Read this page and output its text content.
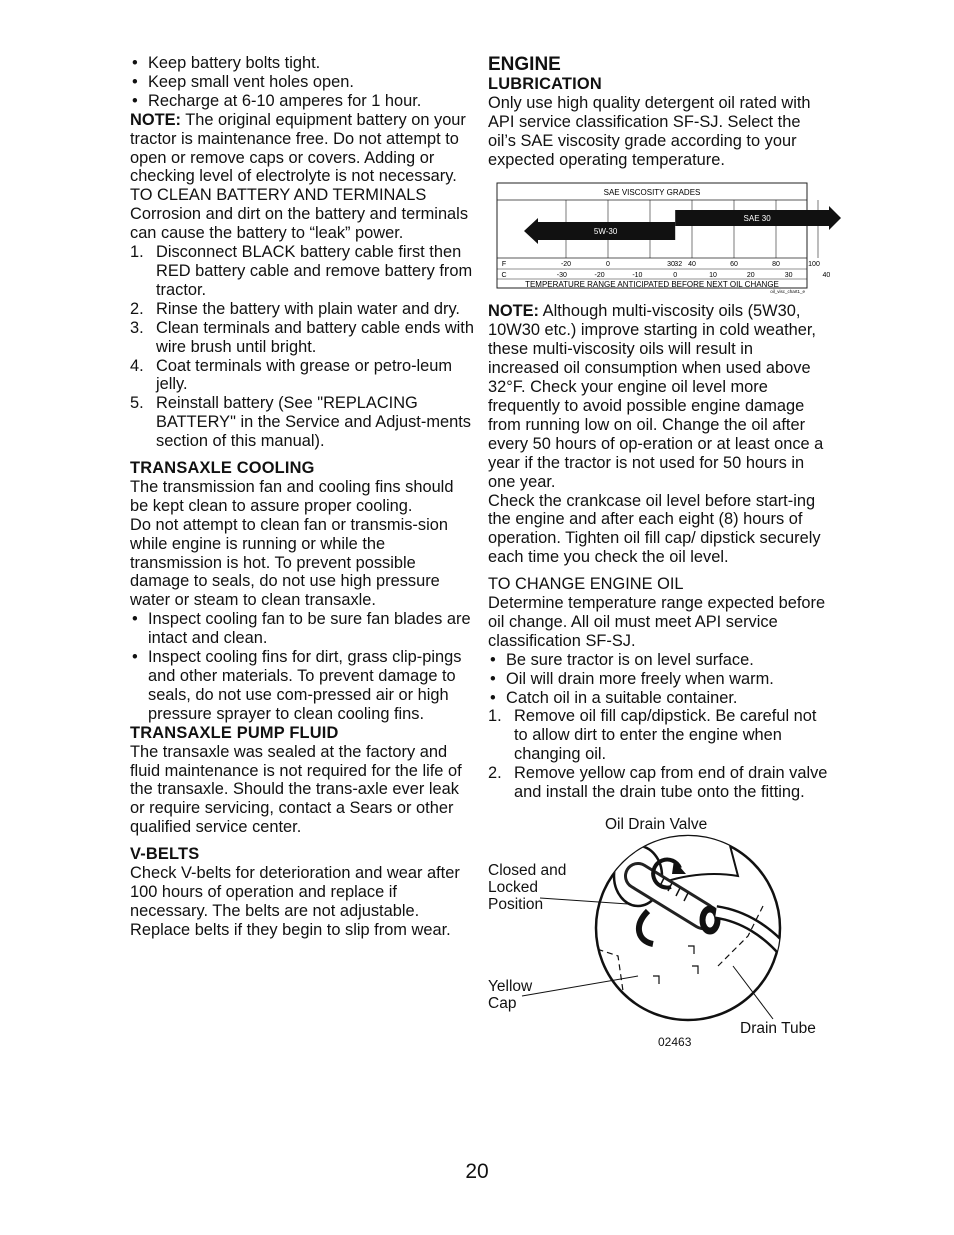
• Keep battery bolts tight.
• Keep small vent holes open.
• Recharge at 6-10 amperes for 1 hour.

NOTE: The original equipment battery on your tractor is maintenance free. Do not attempt to open or remove caps or covers. Adding or checking level of electrolyte is not necessary.

TO CLEAN BATTERY AND TERMINALS

Corrosion and dirt on the battery and terminals can cause the battery to “leak” power.

1. Disconnect BLACK battery cable first then RED battery cable and remove battery from tractor.
2. Rinse the battery with plain water and dry.
3. Clean terminals and battery cable ends with wire brush until bright.
4. Coat terminals with grease or petro-leum jelly.
5. Reinstall battery (See "REPLACING BATTERY" in the Service and Adjust-ments section of this manual).

TRANSAXLE COOLING

The transmission fan and cooling fins should be kept clean to assure proper cooling.

Do not attempt to clean fan or transmis-sion while engine is running or while the transmission is hot. To prevent possible damage to seals, do not use high pressure water or steam to clean transaxle.

• Inspect cooling fan to be sure fan blades are intact and clean.
• Inspect cooling fins for dirt, grass clip-pings and other materials. To prevent damage to seals, do not use com-pressed air or high pressure sprayer to clean cooling fins.

TRANSAXLE PUMP FLUID

The transaxle was sealed at the factory and fluid maintenance is not required for the life of the transaxle. Should the trans-axle ever leak or require servicing, contact a Sears or other qualified service center.

V-BELTS

Check V-belts for deterioration and wear after 100 hours of operation and replace if necessary. The belts are not adjustable. Replace belts if they begin to slip from wear.

ENGINE

LUBRICATION

Only use high quality detergent oil rated with API service classification SF-SJ. Select the oil’s SAE viscosity grade according to your expected operating temperature.

SAE VISCOSITY GRADES
5W-30
SAE 30
F	-20	0	30 32 40	60	80	100
C	-30	-20	-10	0	10	20	30	40
TEMPERATURE RANGE ANTICIPATED BEFORE NEXT OIL CHANGE
oil_visc_chart1_e

NOTE: Although multi-viscosity oils (5W30, 10W30 etc.) improve starting in cold weather, these multi-viscosity oils will result in increased oil consumption when used above 32°F. Check your engine oil level more frequently to avoid possible engine damage from running low on oil. Change the oil after every 50 hours of op-eration or at least once a year if the tractor is not used for 50 hours in one year.

Check the crankcase oil level before start-ing the engine and after each eight (8) hours of operation. Tighten oil fill cap/ dipstick securely each time you check the oil level.

TO CHANGE ENGINE OIL

Determine temperature range expected before oil change. All oil must meet API service classification SF-SJ.

• Be sure tractor is on level surface.
• Oil will drain more freely when warm.
• Catch oil in a suitable container.
1. Remove oil fill cap/dipstick. Be careful not to allow dirt to enter the engine when changing oil.
2. Remove yellow cap from end of drain valve and install the drain tube onto the fitting.
Oil Drain Valve
Closed and Locked Position
Yellow Cap
Drain Tube
02463
20
